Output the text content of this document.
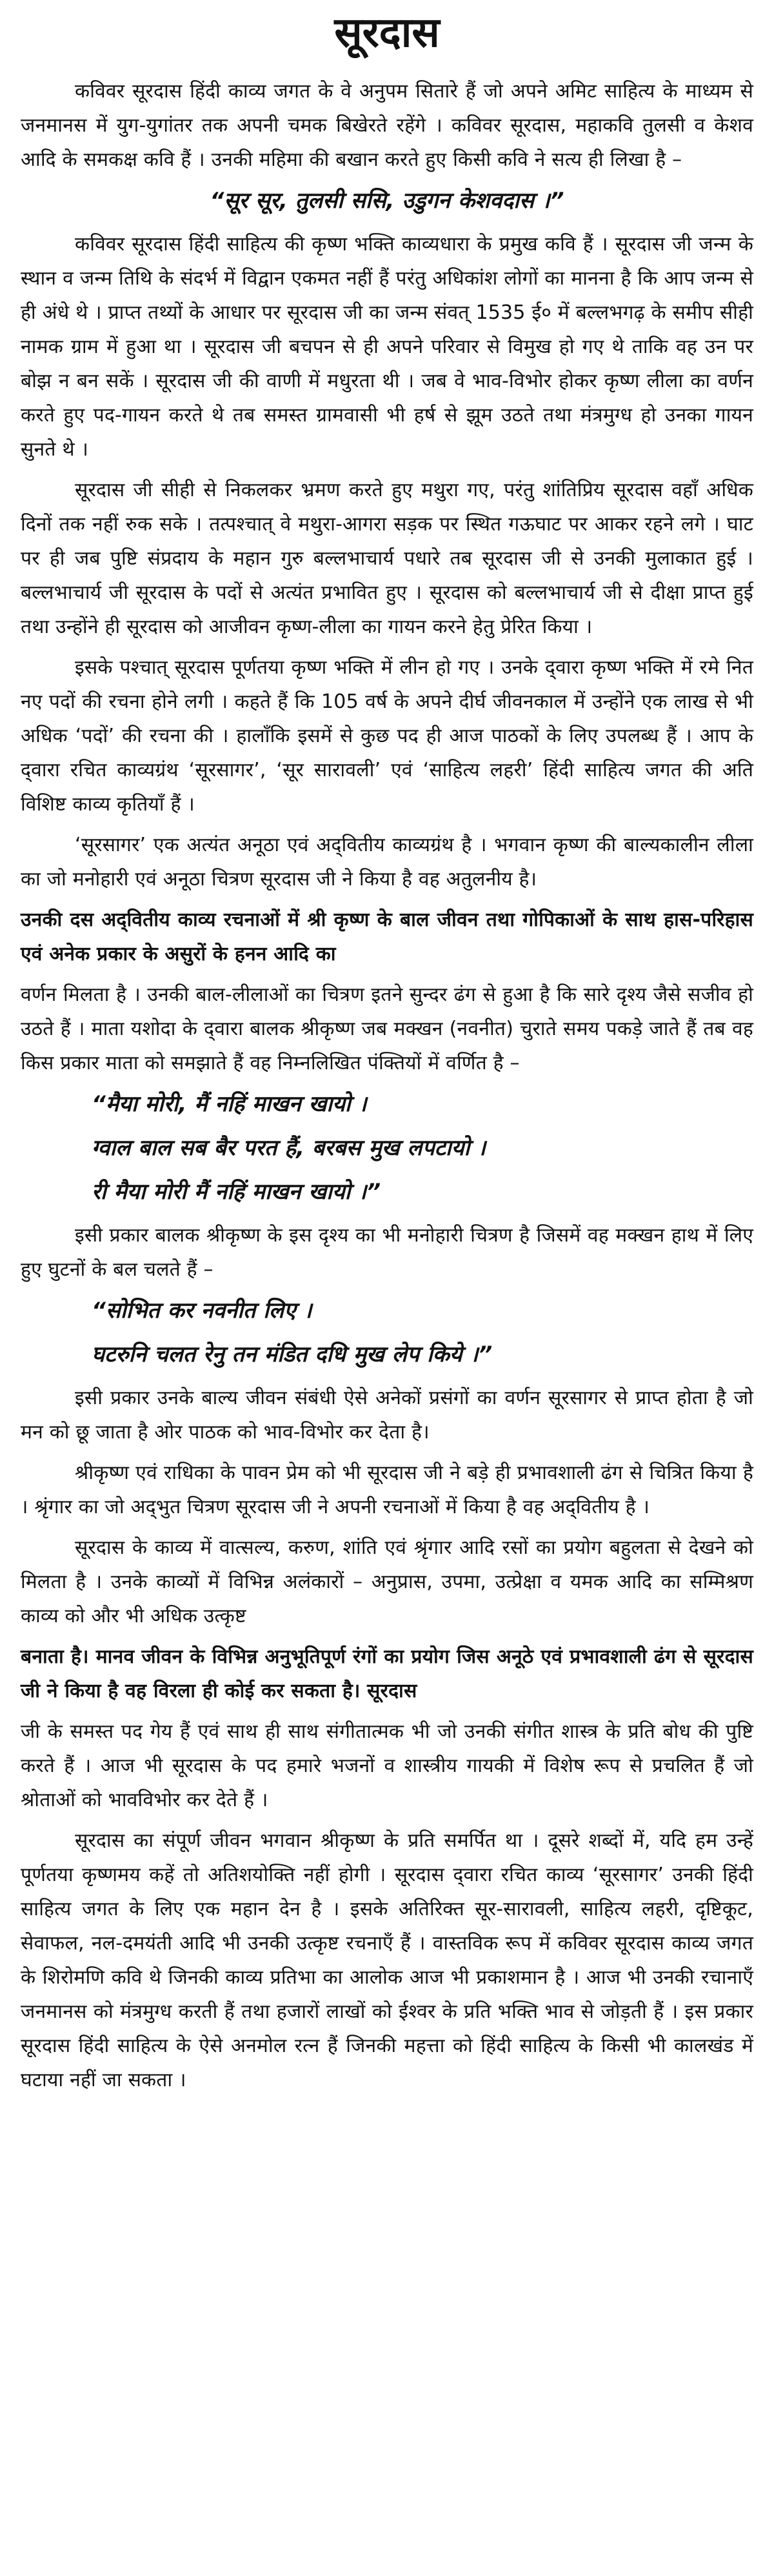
सूरदास

कविवर सूरदास हिंदी काव्य जगत के वे अनुपम सितारे हैं जो अपने अमिट साहित्य के माध्यम से जनमानस में युग-युगांतर तक अपनी चमक बिखेरते रहेंगे । कविवर सूरदास, महाकवि तुलसी व केशव आदि के समकक्ष कवि हैं । उनकी महिमा की बखान करते हुए किसी कवि ने सत्य ही लिखा है –

“सूर सूर, तुलसी ससि, उडुगन केशवदास ।”

कविवर सूरदास हिंदी साहित्य की कृष्ण भक्ति काव्यधारा के प्रमुख कवि हैं । सूरदास जी जन्म के स्थान व जन्म तिथि के संदर्भ में विद्वान एकमत नहीं हैं परंतु अधिकांश लोगों का मानना है कि आप जन्म से ही अंधे थे । प्राप्त तथ्यों के आधार पर सूरदास जी का जन्म संवत् 1535 ई० में बल्लभगढ़ के समीप सीही नामक ग्राम में हुआ था । सूरदास जी बचपन से ही अपने परिवार से विमुख हो गए थे ताकि वह उन पर बोझ न बन सकें । सूरदास जी की वाणी में मधुरता थी । जब वे भाव-विभोर होकर कृष्ण लीला का वर्णन करते हुए पद-गायन करते थे तब समस्त ग्रामवासी भी हर्ष से झूम उठते तथा मंत्रमुग्ध हो उनका गायन सुनते थे ।

सूरदास जी सीही से निकलकर भ्रमण करते हुए मथुरा गए, परंतु शांतिप्रिय सूरदास वहाँ अधिक दिनों तक नहीं रुक सके । तत्पश्चात् वे मथुरा-आगरा सड़क पर स्थित गऊघाट पर आकर रहने लगे । घाट पर ही जब पुष्टि संप्रदाय के महान गुरु बल्लभाचार्य पधारे तब सूरदास जी से उनकी मुलाकात हुई । बल्लभाचार्य जी सूरदास के पदों से अत्यंत प्रभावित हुए । सूरदास को बल्लभाचार्य जी से दीक्षा प्राप्त हुई तथा उन्होंने ही सूरदास को आजीवन कृष्ण-लीला का गायन करने हेतु प्रेरित किया ।

इसके पश्चात् सूरदास पूर्णतया कृष्ण भक्ति में लीन हो गए । उनके द्‌वारा कृष्ण भक्ति में रमे नित नए पदों की रचना होने लगी । कहते हैं कि 105 वर्ष के अपने दीर्घ जीवनकाल में उन्होंने एक लाख से भी अधिक ‘पदों’ की रचना की । हालाँकि इसमें से कुछ पद ही आज पाठकों के लिए उपलब्ध हैं । आप के द्‌वारा रचित काव्यग्रंथ ‘सूरसागर’, ‘सूर सारावली’ एवं ‘साहित्य लहरी’ हिंदी साहित्य जगत की अति विशिष्ट काव्य कृतियाँ हैं ।

‘सूरसागर’ एक अत्यंत अनूठा एवं अद्‌वितीय काव्यग्रंथ है । भगवान कृष्ण की बाल्यकालीन लीला का जो मनोहारी एवं अनूठा चित्रण सूरदास जी ने किया है वह अतुलनीय है।

उनकी दस अद्‌वितीय काव्य रचनाओं में श्री कृष्ण के बाल जीवन तथा गोपिकाओं के साथ हास-परिहास एवं अनेक प्रकार के असुरों के हनन आदि का

वर्णन मिलता है । उनकी बाल-लीलाओं का चित्रण इतने सुन्दर ढंग से हुआ है कि सारे दृश्य जैसे सजीव हो उठते हैं । माता यशोदा के द्‌वारा बालक श्रीकृष्ण जब मक्खन (नवनीत) चुराते समय पकड़े जाते हैं तब वह किस प्रकार माता को समझाते हैं वह निम्नलिखित पंक्तियों में वर्णित है –

“मैया मोरी, मैं नहिं माखन खायो ।
ग्वाल बाल सब बैर परत हैं, बरबस मुख लपटायो ।
री मैया मोरी मैं नहिं माखन खायो ।”

इसी प्रकार बालक श्रीकृष्ण के इस दृश्य का भी मनोहारी चित्रण है जिसमें वह मक्खन हाथ में लिए हुए घुटनों के बल चलते हैं –

“सोभित कर नवनीत लिए ।
घटरुनि चलत रेनु तन मंडित दधि मुख लेप किये ।”

इसी प्रकार उनके बाल्य जीवन संबंधी ऐसे अनेकों प्रसंगों का वर्णन सूरसागर से प्राप्त होता है जो मन को छू जाता है ओर पाठक को भाव-विभोर कर देता है।

श्रीकृष्ण एवं राधिका के पावन प्रेम को भी सूरदास जी ने बड़े ही प्रभावशाली ढंग से चित्रित किया है । श्रृंगार का जो अद्‌भुत चित्रण सूरदास जी ने अपनी रचनाओं में किया है वह अद्‌वितीय है ।

सूरदास के काव्य में वात्सल्य, करुण, शांति एवं श्रृंगार आदि रसों का प्रयोग बहुलता से देखने को मिलता है । उनके काव्यों में विभिन्न अलंकारों – अनुप्रास, उपमा, उत्प्रेक्षा व यमक आदि का सम्मिश्रण काव्य को और भी अधिक उत्कृष्ट

बनाता है। मानव जीवन के विभिन्न अनुभूतिपूर्ण रंगों का प्रयोग जिस अनूठे एवं प्रभावशाली ढंग से सूरदास जी ने किया है वह विरला ही कोई कर सकता है। सूरदास

जी के समस्त पद गेय हैं एवं साथ ही साथ संगीतात्मक भी जो उनकी संगीत शास्त्र के प्रति बोध की पुष्टि करते हैं । आज भी सूरदास के पद हमारे भजनों व शास्त्रीय गायकी में विशेष रूप से प्रचलित हैं जो श्रोताओं को भावविभोर कर देते हैं ।

सूरदास का संपूर्ण जीवन भगवान श्रीकृष्ण के प्रति समर्पित था । दूसरे शब्दों में, यदि हम उन्हें पूर्णतया कृष्णमय कहें तो अतिशयोक्ति नहीं होगी । सूरदास द्‌वारा रचित काव्य ‘सूरसागर’ उनकी हिंदी साहित्य जगत के लिए एक महान देन है । इसके अतिरिक्त सूर-सारावली, साहित्य लहरी, दृष्टिकूट, सेवाफल, नल-दमयंती आदि भी उनकी उत्कृष्ट रचनाएँ हैं । वास्तविक रूप में कविवर सूरदास काव्य जगत के शिरोमणि कवि थे जिनकी काव्य प्रतिभा का आलोक आज भी प्रकाशमान है । आज भी उनकी रचानाएँ जनमानस को मंत्रमुग्ध करती हैं तथा हजारों लाखों को ईश्वर के प्रति भक्ति भाव से जोड़ती हैं । इस प्रकार सूरदास हिंदी साहित्य के ऐसे अनमोल रत्न हैं जिनकी महत्ता को हिंदी साहित्य के किसी भी कालखंड में घटाया नहीं जा सकता ।
